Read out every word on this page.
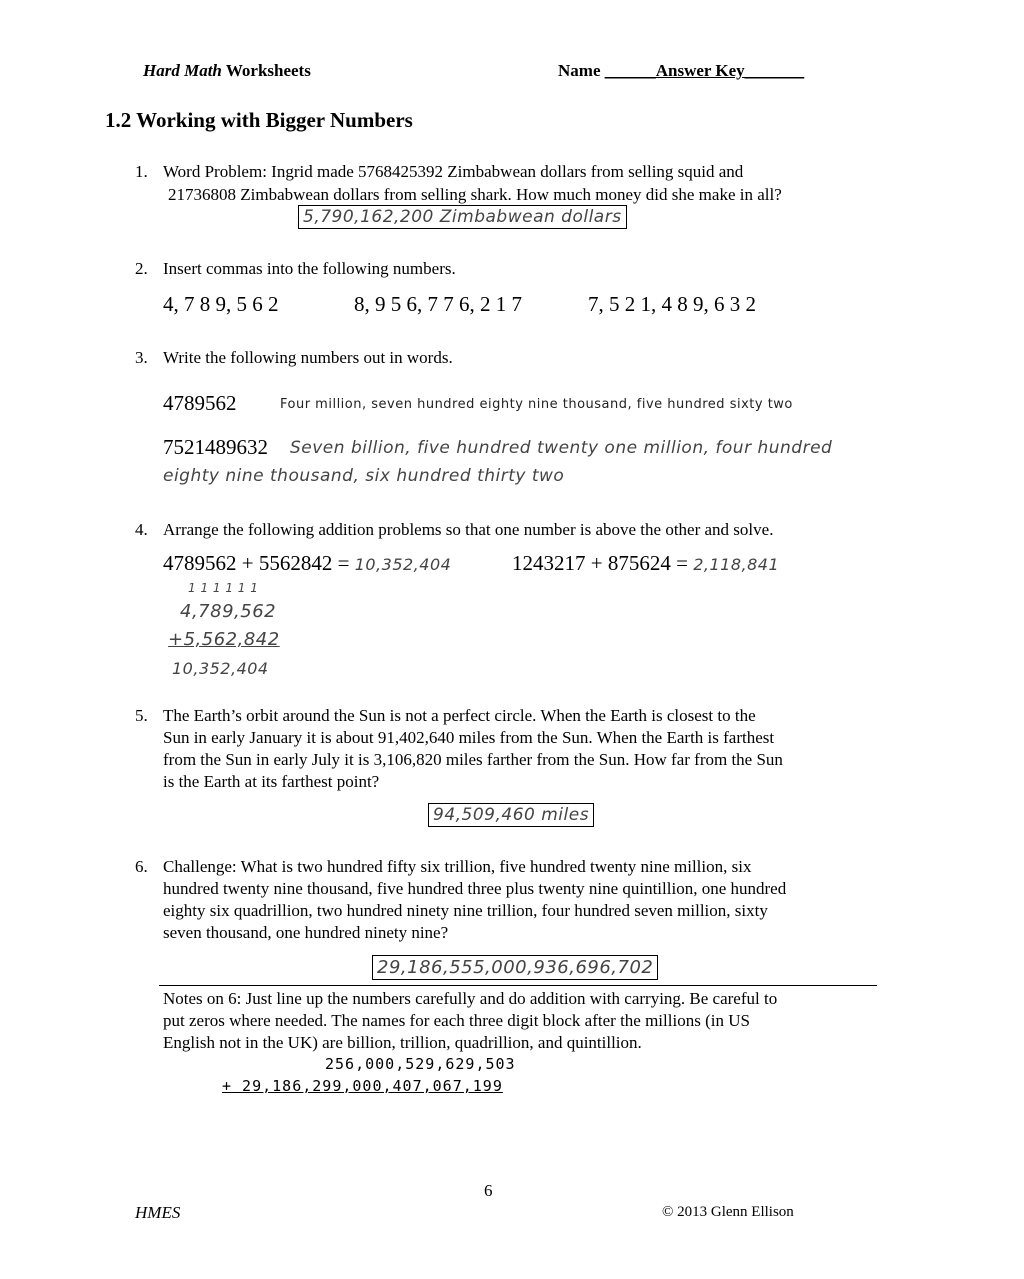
Hard Math Worksheets	Name ______Answer Key_______
1.2 Working with Bigger Numbers
1. Word Problem: Ingrid made 5768425392 Zimbabwean dollars from selling squid and
21736808 Zimbabwean dollars from selling shark. How much money did she make in all?
5,790,162,200 Zimbabwean dollars
2. Insert commas into the following numbers.
4, 7 8 9, 5 6 2	8, 9 5 6, 7 7 6, 2 1 7	7, 5 2 1, 4 8 9, 6 3 2
3. Write the following numbers out in words.
4789562	Four million, seven hundred eighty nine thousand, five hundred sixty two
7521489632 Seven billion, five hundred twenty one million, four hundred
eighty nine thousand, six hundred thirty two
4. Arrange the following addition problems so that one number is above the other and solve.
4789562 + 5562842 = 10,352,404	1243217 + 875624 = 2,118,841
1 1 1 1 1 1
4,789,562
+5,562,842
10,352,404
5. The Earth’s orbit around the Sun is not a perfect circle. When the Earth is closest to the
Sun in early January it is about 91,402,640 miles from the Sun. When the Earth is farthest
from the Sun in early July it is 3,106,820 miles farther from the Sun. How far from the Sun
is the Earth at its farthest point?
94,509,460 miles
6. Challenge: What is two hundred fifty six trillion, five hundred twenty nine million, six
hundred twenty nine thousand, five hundred three plus twenty nine quintillion, one hundred
eighty six quadrillion, two hundred ninety nine trillion, four hundred seven million, sixty
seven thousand, one hundred ninety nine?
29,186,555,000,936,696,702
Notes on 6: Just line up the numbers carefully and do addition with carrying. Be careful to
put zeros where needed. The names for each three digit block after the millions (in US
English not in the UK) are billion, trillion, quadrillion, and quintillion.
256,000,529,629,503
+ 29,186,299,000,407,067,199
6
HMES	© 2013 Glenn Ellison
